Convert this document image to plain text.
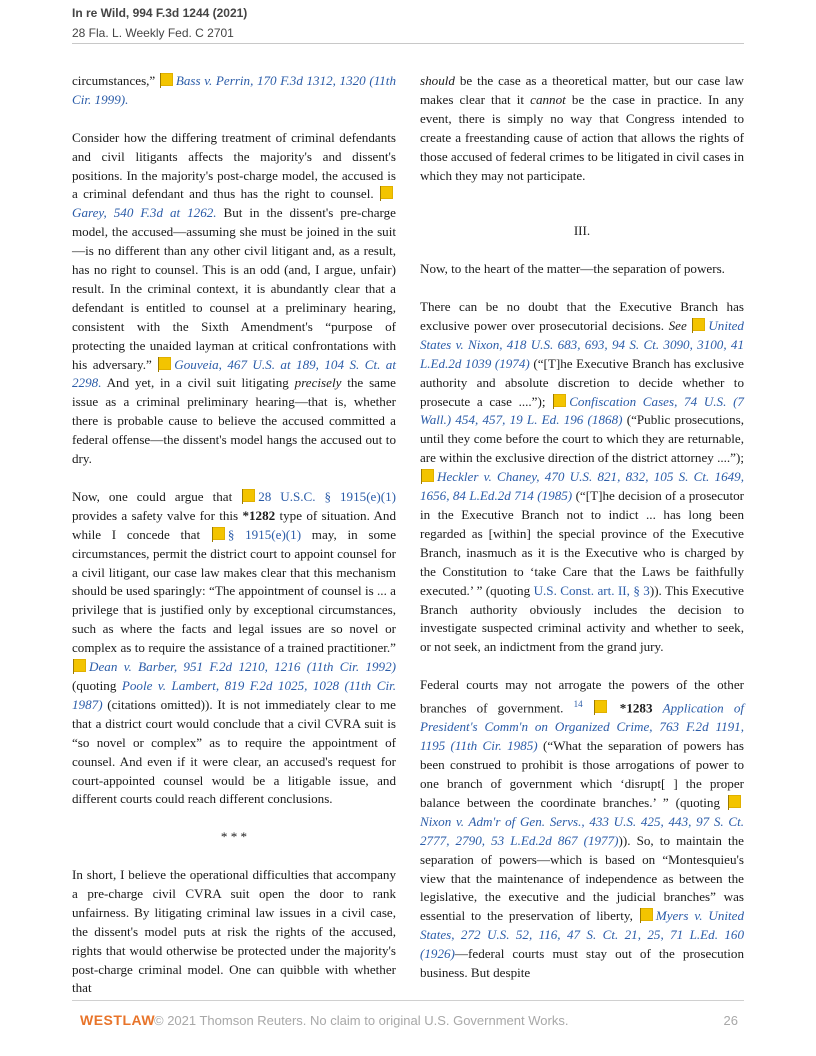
In re Wild, 994 F.3d 1244 (2021)
28 Fla. L. Weekly Fed. C 2701

circumstances,” Bass v. Perrin, 170 F.3d 1312, 1320 (11th Cir. 1999).

Consider how the differing treatment of criminal defendants and civil litigants affects the majority's and dissent's positions. In the majority's post-charge model, the accused is a criminal defendant and thus has the right to counsel. Garey, 540 F.3d at 1262. But in the dissent's pre-charge model, the accused—assuming she must be joined in the suit—is no different than any other civil litigant and, as a result, has no right to counsel. This is an odd (and, I argue, unfair) result. In the criminal context, it is abundantly clear that a defendant is entitled to counsel at a preliminary hearing, consistent with the Sixth Amendment's “purpose of protecting the unaided layman at critical confrontations with his adversary.” Gouveia, 467 U.S. at 189, 104 S. Ct. at 2298. And yet, in a civil suit litigating precisely the same issue as a criminal preliminary hearing—that is, whether there is probable cause to believe the accused committed a federal offense—the dissent's model hangs the accused out to dry.

Now, one could argue that 28 U.S.C. § 1915(e)(1) provides a safety valve for this *1282 type of situation. And while I concede that § 1915(e)(1) may, in some circumstances, permit the district court to appoint counsel for a civil litigant, our case law makes clear that this mechanism should be used sparingly: “The appointment of counsel is ... a privilege that is justified only by exceptional circumstances, such as where the facts and legal issues are so novel or complex as to require the assistance of a trained practitioner.” Dean v. Barber, 951 F.2d 1210, 1216 (11th Cir. 1992) (quoting Poole v. Lambert, 819 F.2d 1025, 1028 (11th Cir. 1987) (citations omitted)). It is not immediately clear to me that a district court would conclude that a civil CVRA suit is “so novel or complex” as to require the appointment of counsel. And even if it were clear, an accused's request for court-appointed counsel would be a litigable issue, and different courts could reach different conclusions.

* * *

In short, I believe the operational difficulties that accompany a pre-charge civil CVRA suit open the door to rank unfairness. By litigating criminal law issues in a civil case, the dissent's model puts at risk the rights of the accused, rights that would otherwise be protected under the majority's post-charge criminal model. One can quibble with whether that

should be the case as a theoretical matter, but our case law makes clear that it cannot be the case in practice. In any event, there is simply no way that Congress intended to create a freestanding cause of action that allows the rights of those accused of federal crimes to be litigated in civil cases in which they may not participate.

III.

Now, to the heart of the matter—the separation of powers.

There can be no doubt that the Executive Branch has exclusive power over prosecutorial decisions. See United States v. Nixon, 418 U.S. 683, 693, 94 S. Ct. 3090, 3100, 41 L.Ed.2d 1039 (1974) (“[T]he Executive Branch has exclusive authority and absolute discretion to decide whether to prosecute a case ....”); Confiscation Cases, 74 U.S. (7 Wall.) 454, 457, 19 L. Ed. 196 (1868) (“Public prosecutions, until they come before the court to which they are returnable, are within the exclusive direction of the district attorney ....”); Heckler v. Chaney, 470 U.S. 821, 832, 105 S. Ct. 1649, 1656, 84 L.Ed.2d 714 (1985) (“[T]he decision of a prosecutor in the Executive Branch not to indict ... has long been regarded as [within] the special province of the Executive Branch, inasmuch as it is the Executive who is charged by the Constitution to ‘take Care that the Laws be faithfully executed.’ ” (quoting U.S. Const. art. II, § 3)). This Executive Branch authority obviously includes the decision to investigate suspected criminal activity and whether to seek, or not seek, an indictment from the grand jury.

Federal courts may not arrogate the powers of the other branches of government. $^{14}$	*1283 Application of President's Comm'n on Organized Crime, 763 F.2d 1191, 1195 (11th Cir. 1985) (“What the separation of powers has been construed to prohibit is those arrogations of power to one branch of government which ‘disrupt[ ] the proper balance between the coordinate branches.’ ” (quoting Nixon v. Adm'r of Gen. Servs., 433 U.S. 425, 443, 97 S. Ct. 2777, 2790, 53 L.Ed.2d 867 (1977))). So, to maintain the separation of powers—which is based on “Montesquieu's view that the maintenance of independence as between the legislative, the executive and the judicial branches” was essential to the preservation of liberty, Myers v. United States, 272 U.S. 52, 116, 47 S. Ct. 21, 25, 71 L.Ed. 160 (1926)—federal courts must stay out of the prosecution business. But despite

WESTLAW
© 2021 Thomson Reuters. No claim to original U.S. Government Works.	26
